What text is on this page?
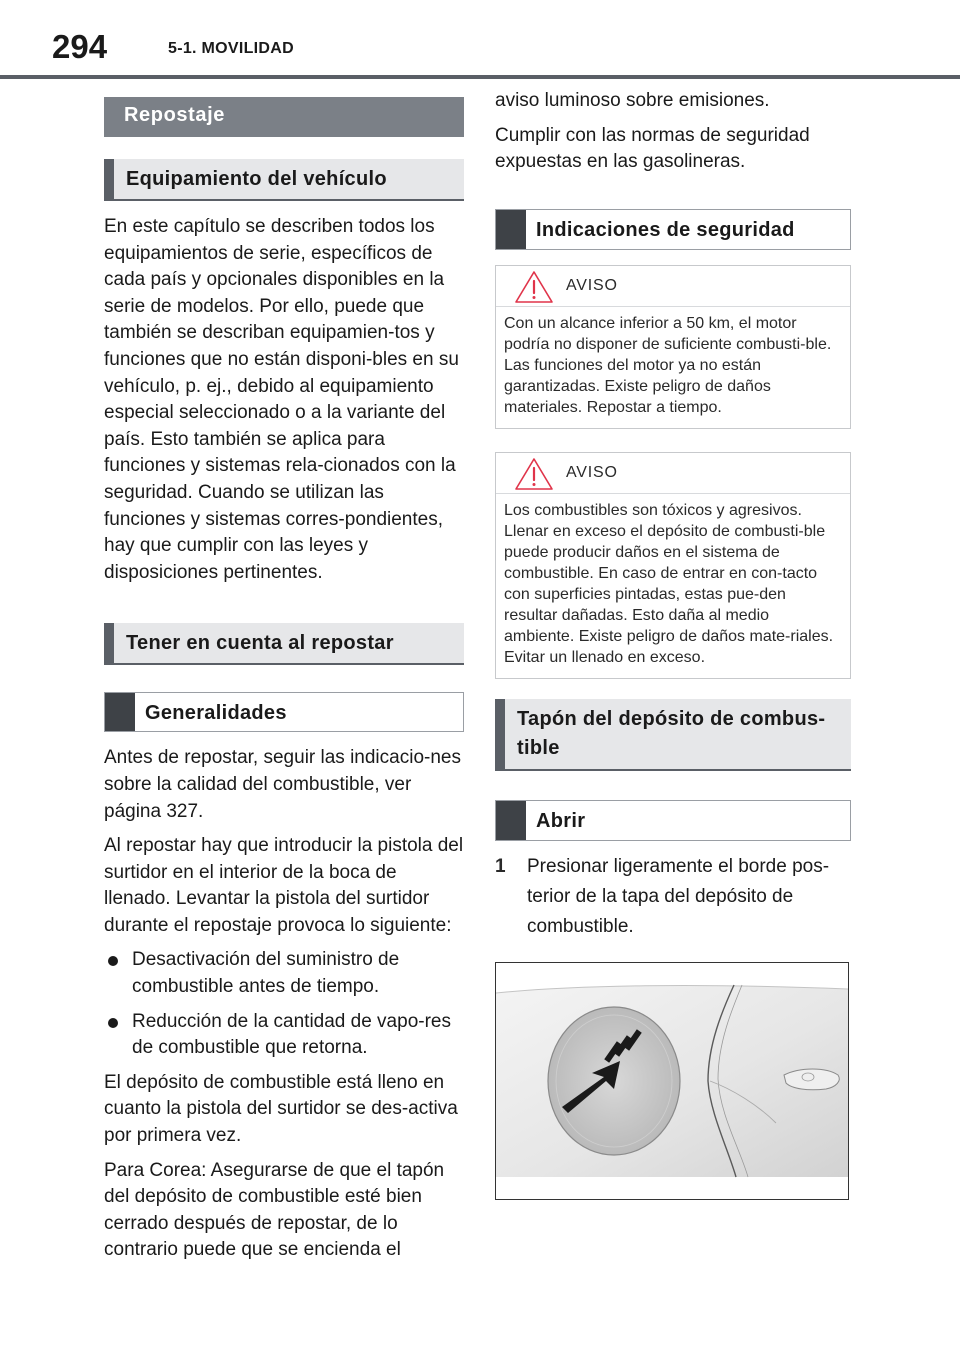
294	5-1. MOVILIDAD
Repostaje
Equipamiento del vehículo

En este capítulo se describen todos los equipamientos de serie, específicos de cada país y opcionales disponibles en la serie de modelos. Por ello, puede que también se describan equipamien-tos y funciones que no están disponi-bles en su vehículo, p. ej., debido al equipamiento especial seleccionado o a la variante del país. Esto también se aplica para funciones y sistemas rela-cionados con la seguridad. Cuando se utilizan las funciones y sistemas corres-pondientes, hay que cumplir con las leyes y disposiciones pertinentes.

Tener en cuenta al repostar
Generalidades

Antes de repostar, seguir las indicacio-nes sobre la calidad del combustible, ver página 327.

Al repostar hay que introducir la pistola del surtidor en el interior de la boca de llenado. Levantar la pistola del surtidor durante el repostaje provoca lo siguiente:

Desactivación del suministro de combustible antes de tiempo.
Reducción de la cantidad de vapo-res de combustible que retorna.

El depósito de combustible está lleno en cuanto la pistola del surtidor se des-activa por primera vez.

Para Corea: Asegurarse de que el tapón del depósito de combustible esté bien cerrado después de repostar, de lo contrario puede que se encienda el

aviso luminoso sobre emisiones.

Cumplir con las normas de seguridad expuestas en las gasolineras.

Indicaciones de seguridad
AVISO
Con un alcance inferior a 50 km, el motor podría no disponer de suficiente combusti-ble. Las funciones del motor ya no están garantizadas. Existe peligro de daños materiales. Repostar a tiempo.
AVISO
Los combustibles son tóxicos y agresivos. Llenar en exceso el depósito de combusti-ble puede producir daños en el sistema de combustible. En caso de entrar en con-tacto con superficies pintadas, estas pue-den resultar dañadas. Esto daña al medio ambiente. Existe peligro de daños mate-riales. Evitar un llenado en exceso.
Tapón del depósito de combus-tible
Abrir
1 Presionar ligeramente el borde pos-terior de la tapa del depósito de combustible.
